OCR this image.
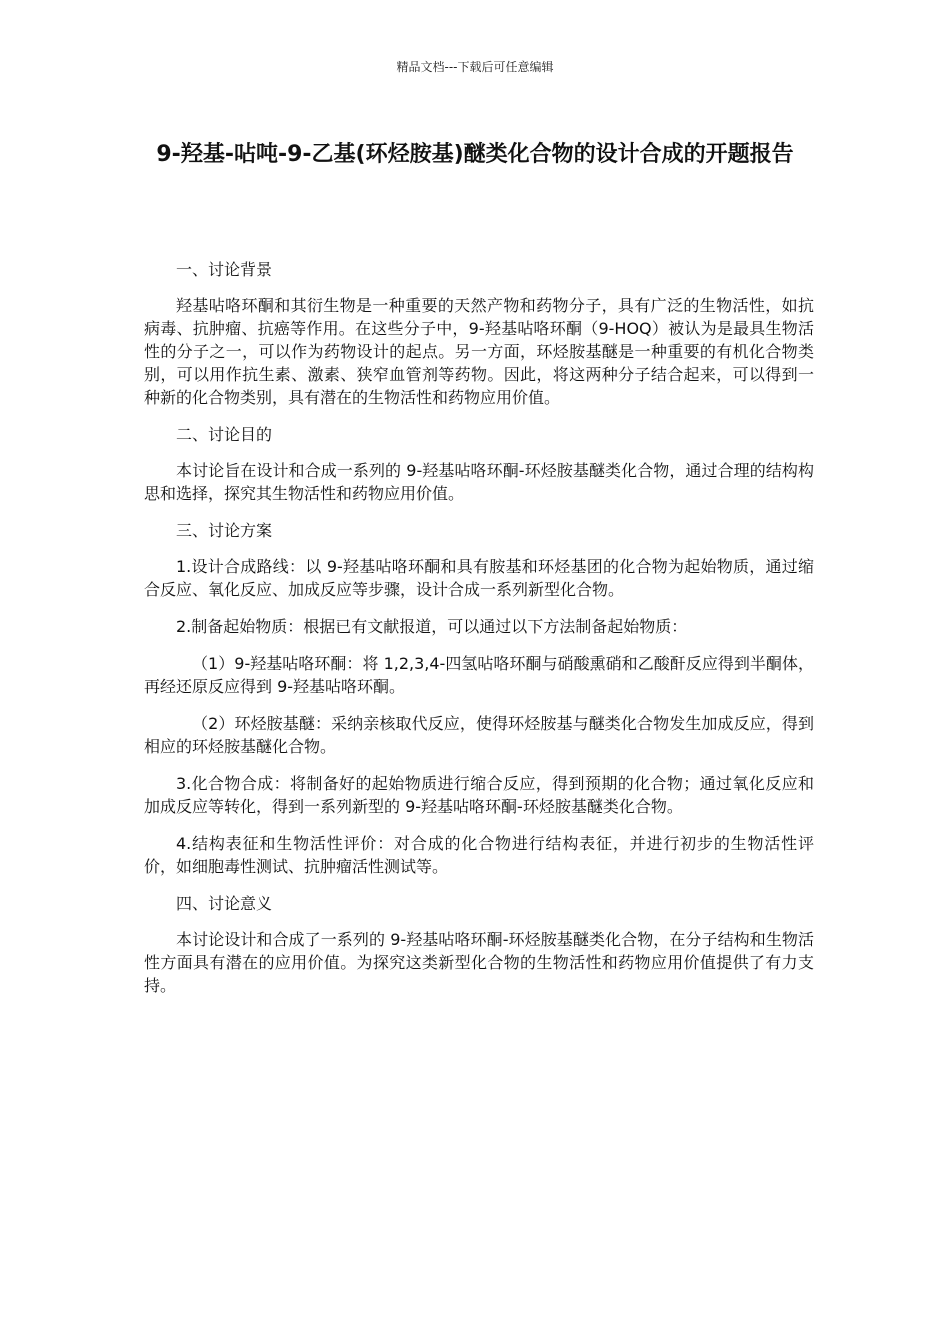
精品文档---下载后可任意编辑
9-羟基-呫吨-9-乙基(环烃胺基)醚类化合物的设计合成的开题报告

一、讨论背景

羟基呫咯环酮和其衍生物是一种重要的天然产物和药物分子，具有广泛的生物活性，如抗病毒、抗肿瘤、抗癌等作用。在这些分子中，9-羟基呫咯环酮（9-HOQ）被认为是最具生物活性的分子之一，可以作为药物设计的起点。另一方面，环烃胺基醚是一种重要的有机化合物类别，可以用作抗生素、激素、狭窄血管剂等药物。因此，将这两种分子结合起来，可以得到一种新的化合物类别，具有潜在的生物活性和药物应用价值。

二、讨论目的

本讨论旨在设计和合成一系列的 9-羟基呫咯环酮-环烃胺基醚类化合物，通过合理的结构构思和选择，探究其生物活性和药物应用价值。

三、讨论方案

1.设计合成路线：以 9-羟基呫咯环酮和具有胺基和环烃基团的化合物为起始物质，通过缩合反应、氧化反应、加成反应等步骤，设计合成一系列新型化合物。

2.制备起始物质：根据已有文献报道，可以通过以下方法制备起始物质：

（1）9-羟基呫咯环酮：将 1,2,3,4-四氢呫咯环酮与硝酸熏硝和乙酸酐反应得到半酮体，再经还原反应得到 9-羟基呫咯环酮。

（2）环烃胺基醚：采纳亲核取代反应，使得环烃胺基与醚类化合物发生加成反应，得到相应的环烃胺基醚化合物。

3.化合物合成：将制备好的起始物质进行缩合反应，得到预期的化合物；通过氧化反应和加成反应等转化，得到一系列新型的 9-羟基呫咯环酮-环烃胺基醚类化合物。

4.结构表征和生物活性评价：对合成的化合物进行结构表征，并进行初步的生物活性评价，如细胞毒性测试、抗肿瘤活性测试等。

四、讨论意义

本讨论设计和合成了一系列的 9-羟基呫咯环酮-环烃胺基醚类化合物，在分子结构和生物活性方面具有潜在的应用价值。为探究这类新型化合物的生物活性和药物应用价值提供了有力支持。
